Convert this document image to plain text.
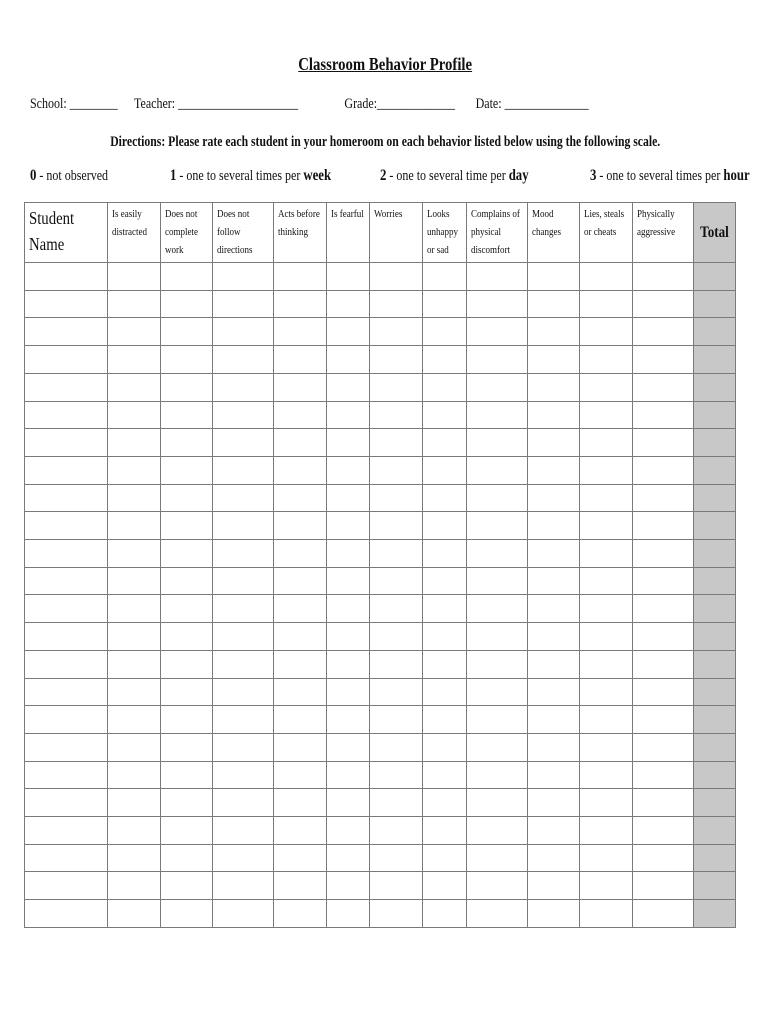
Classroom Behavior Profile

School: ________

Teacher: ____________________

	Grade:_____________

Date: ______________

Directions: Please rate each student in your homeroom on each behavior listed below using the following scale.
0 - not observed	1 - one to several times per week	2 - one to several time per day	3 - one to several times per hour
Student Name	Is easily distracted	Does not complete work	Does not follow directions	Acts before thinking	Is fearful	Worries	Looks unhappy or sad	Complains of physical discomfort	Mood changes	Lies, steals or cheats	Physically aggressive	Total
